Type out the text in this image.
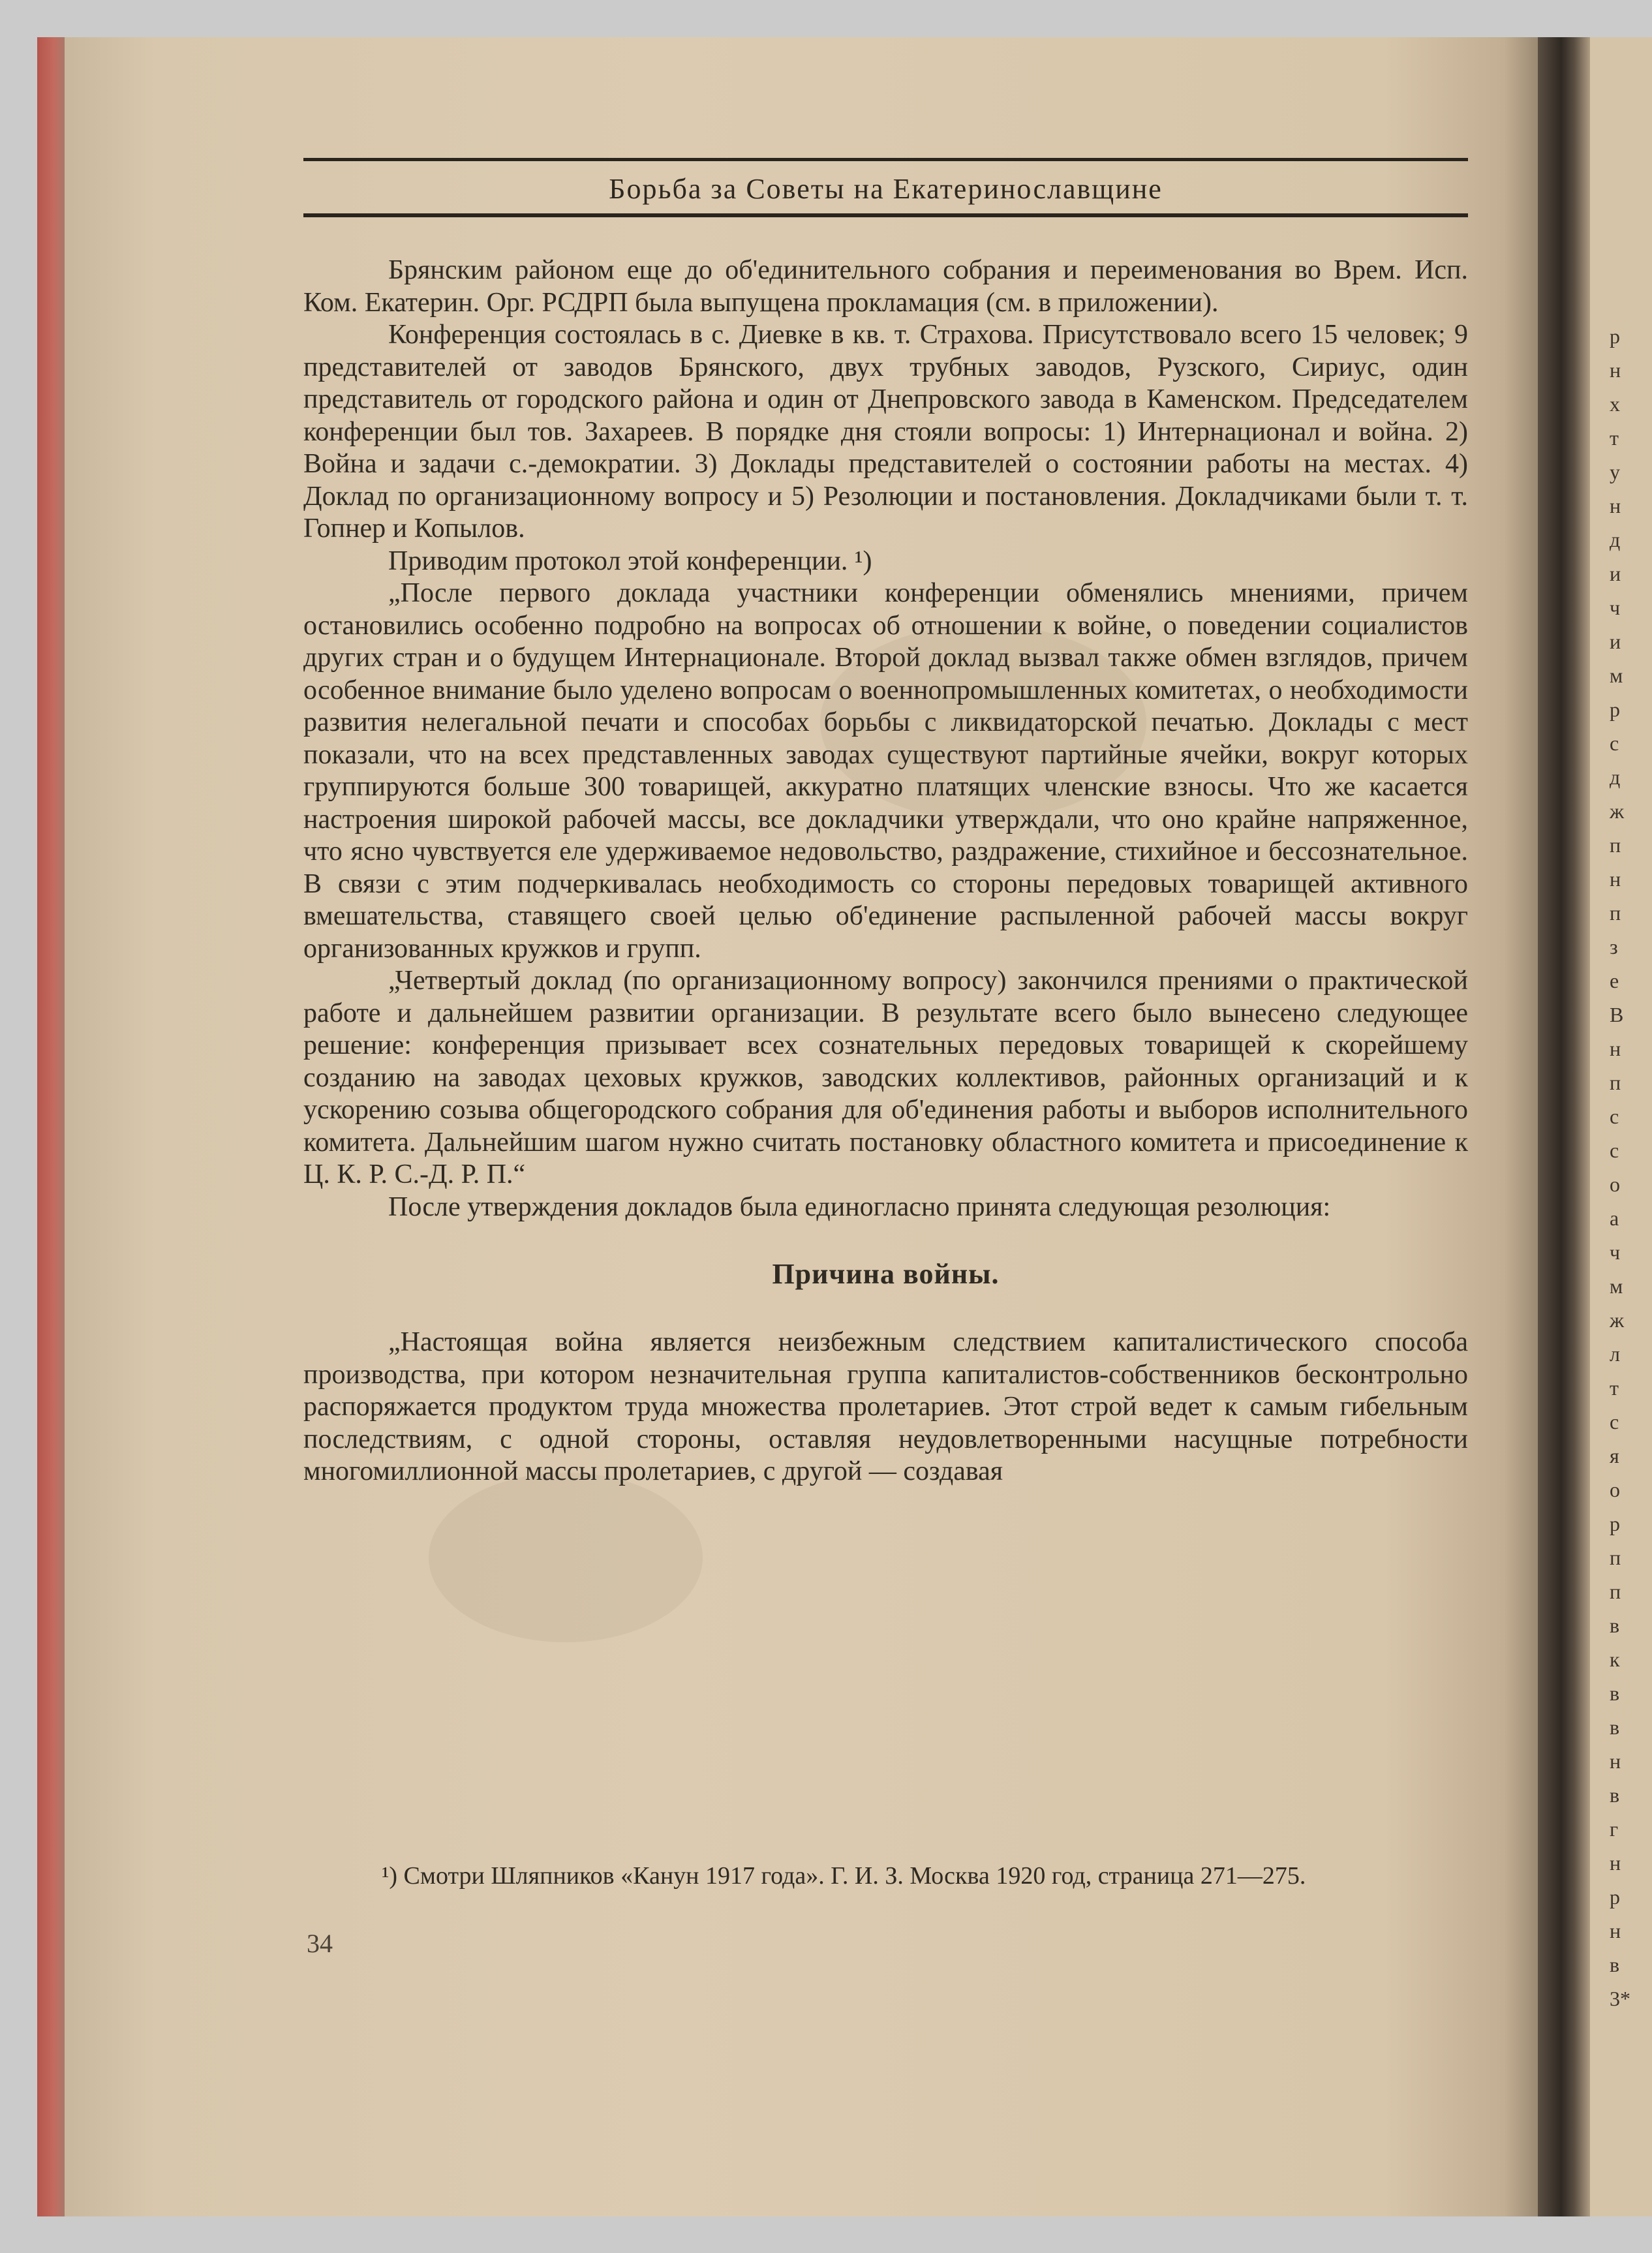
р
н
х
т
у
н
д
и
ч
и
м
р
с
д
ж
п
н
п
з
е
В
н
п
с
с
о
а
ч
м
ж
л
т
с
я
о
р
п
п
в
к
в
в
н
в
г
н
р
н
в
3*
Борьба за Советы на Екатеринославщине

Брянским районом еще до об'единительного собрания и переименования во Врем. Исп. Ком. Екатерин. Орг. РСДРП была выпущена прокламация (см. в приложении).

Конференция состоялась в с. Диевке в кв. т. Страхова. Присутствовало всего 15 человек; 9 представителей от заводов Брянского, двух трубных заводов, Рузского, Сириус, один представитель от городского района и один от Днепровского завода в Каменском. Председателем конференции был тов. Захареев. В порядке дня стояли вопросы: 1) Интернационал и война. 2) Война и задачи с.-демократии. 3) Доклады представителей о состоянии работы на местах. 4) Доклад по организационному вопросу и 5) Резолюции и постановления. Докладчиками были т. т. Гопнер и Копылов.

Приводим протокол этой конференции. ¹)

„После первого доклада участники конференции обменялись мнениями, причем остановились особенно подробно на вопросах об отношении к войне, о поведении социалистов других стран и о будущем Интернационале. Второй доклад вызвал также обмен взглядов, причем особенное внимание было уделено вопросам о военнопромышленных комитетах, о необходимости развития нелегальной печати и способах борьбы с ликвидаторской печатью. Доклады с мест показали, что на всех представленных заводах существуют партийные ячейки, вокруг которых группируются больше 300 товарищей, аккуратно платящих членские взносы. Что же касается настроения широкой рабочей массы, все докладчики утверждали, что оно крайне напряженное, что ясно чувствуется еле удерживаемое недовольство, раздражение, стихийное и бессознательное. В связи с этим подчеркивалась необходимость со стороны передовых товарищей активного вмешательства, ставящего своей целью об'единение распыленной рабочей массы вокруг организованных кружков и групп.

„Четвертый доклад (по организационному вопросу) закончился прениями о практической работе и дальнейшем развитии организации. В результате всего было вынесено следующее решение: конференция призывает всех сознательных передовых товарищей к скорейшему созданию на заводах цеховых кружков, заводских коллективов, районных организаций и к ускорению созыва общегородского собрания для об'единения работы и выборов исполнительного комитета. Дальнейшим шагом нужно считать постановку областного комитета и присоединение к Ц. К. Р. С.-Д. Р. П.“

После утверждения докладов была единогласно принята следующая резолюция:

Причина войны.

„Настоящая война является неизбежным следствием капиталистического способа производства, при котором незначительная группа капиталистов-собственников бесконтрольно распоряжается продуктом труда множества пролетариев. Этот строй ведет к самым гибельным последствиям, с одной стороны, оставляя неудовлетворенными насущные потребности многомиллионной массы пролетариев, с другой — создавая

¹) Смотри Шляпников «Канун 1917 года». Г. И. З. Москва 1920 год, страница 271—275.

34
